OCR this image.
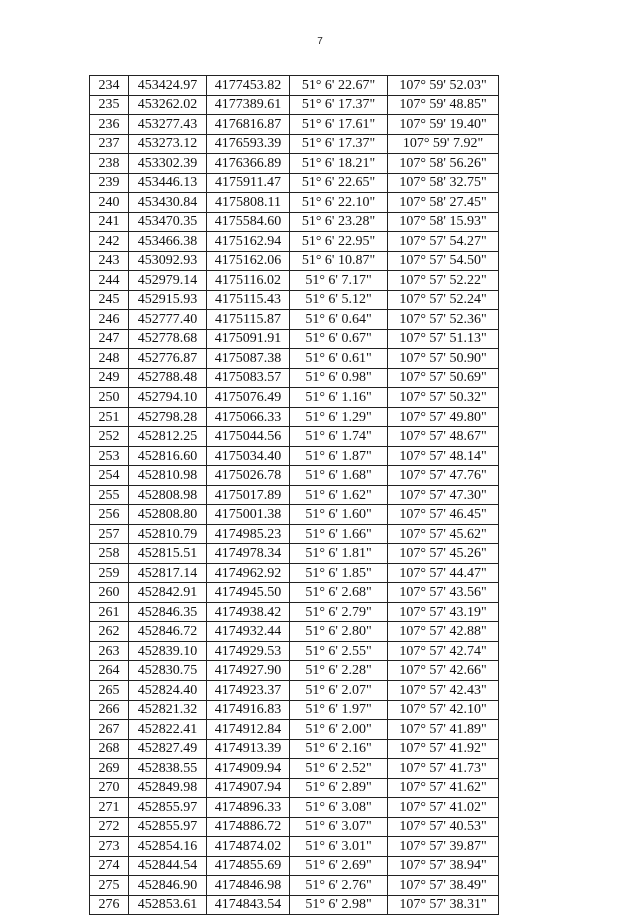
7
234	453424.97	4177453.82	51° 6' 22.67"	107° 59' 52.03"
235	453262.02	4177389.61	51° 6' 17.37"	107° 59' 48.85"
236	453277.43	4176816.87	51° 6' 17.61"	107° 59' 19.40"
237	453273.12	4176593.39	51° 6' 17.37"	107° 59' 7.92"
238	453302.39	4176366.89	51° 6' 18.21"	107° 58' 56.26"
239	453446.13	4175911.47	51° 6' 22.65"	107° 58' 32.75"
240	453430.84	4175808.11	51° 6' 22.10"	107° 58' 27.45"
241	453470.35	4175584.60	51° 6' 23.28"	107° 58' 15.93"
242	453466.38	4175162.94	51° 6' 22.95"	107° 57' 54.27"
243	453092.93	4175162.06	51° 6' 10.87"	107° 57' 54.50"
244	452979.14	4175116.02	51° 6' 7.17"	107° 57' 52.22"
245	452915.93	4175115.43	51° 6' 5.12"	107° 57' 52.24"
246	452777.40	4175115.87	51° 6' 0.64"	107° 57' 52.36"
247	452778.68	4175091.91	51° 6' 0.67"	107° 57' 51.13"
248	452776.87	4175087.38	51° 6' 0.61"	107° 57' 50.90"
249	452788.48	4175083.57	51° 6' 0.98"	107° 57' 50.69"
250	452794.10	4175076.49	51° 6' 1.16"	107° 57' 50.32"
251	452798.28	4175066.33	51° 6' 1.29"	107° 57' 49.80"
252	452812.25	4175044.56	51° 6' 1.74"	107° 57' 48.67"
253	452816.60	4175034.40	51° 6' 1.87"	107° 57' 48.14"
254	452810.98	4175026.78	51° 6' 1.68"	107° 57' 47.76"
255	452808.98	4175017.89	51° 6' 1.62"	107° 57' 47.30"
256	452808.80	4175001.38	51° 6' 1.60"	107° 57' 46.45"
257	452810.79	4174985.23	51° 6' 1.66"	107° 57' 45.62"
258	452815.51	4174978.34	51° 6' 1.81"	107° 57' 45.26"
259	452817.14	4174962.92	51° 6' 1.85"	107° 57' 44.47"
260	452842.91	4174945.50	51° 6' 2.68"	107° 57' 43.56"
261	452846.35	4174938.42	51° 6' 2.79"	107° 57' 43.19"
262	452846.72	4174932.44	51° 6' 2.80"	107° 57' 42.88"
263	452839.10	4174929.53	51° 6' 2.55"	107° 57' 42.74"
264	452830.75	4174927.90	51° 6' 2.28"	107° 57' 42.66"
265	452824.40	4174923.37	51° 6' 2.07"	107° 57' 42.43"
266	452821.32	4174916.83	51° 6' 1.97"	107° 57' 42.10"
267	452822.41	4174912.84	51° 6' 2.00"	107° 57' 41.89"
268	452827.49	4174913.39	51° 6' 2.16"	107° 57' 41.92"
269	452838.55	4174909.94	51° 6' 2.52"	107° 57' 41.73"
270	452849.98	4174907.94	51° 6' 2.89"	107° 57' 41.62"
271	452855.97	4174896.33	51° 6' 3.08"	107° 57' 41.02"
272	452855.97	4174886.72	51° 6' 3.07"	107° 57' 40.53"
273	452854.16	4174874.02	51° 6' 3.01"	107° 57' 39.87"
274	452844.54	4174855.69	51° 6' 2.69"	107° 57' 38.94"
275	452846.90	4174846.98	51° 6' 2.76"	107° 57' 38.49"
276	452853.61	4174843.54	51° 6' 2.98"	107° 57' 38.31"
